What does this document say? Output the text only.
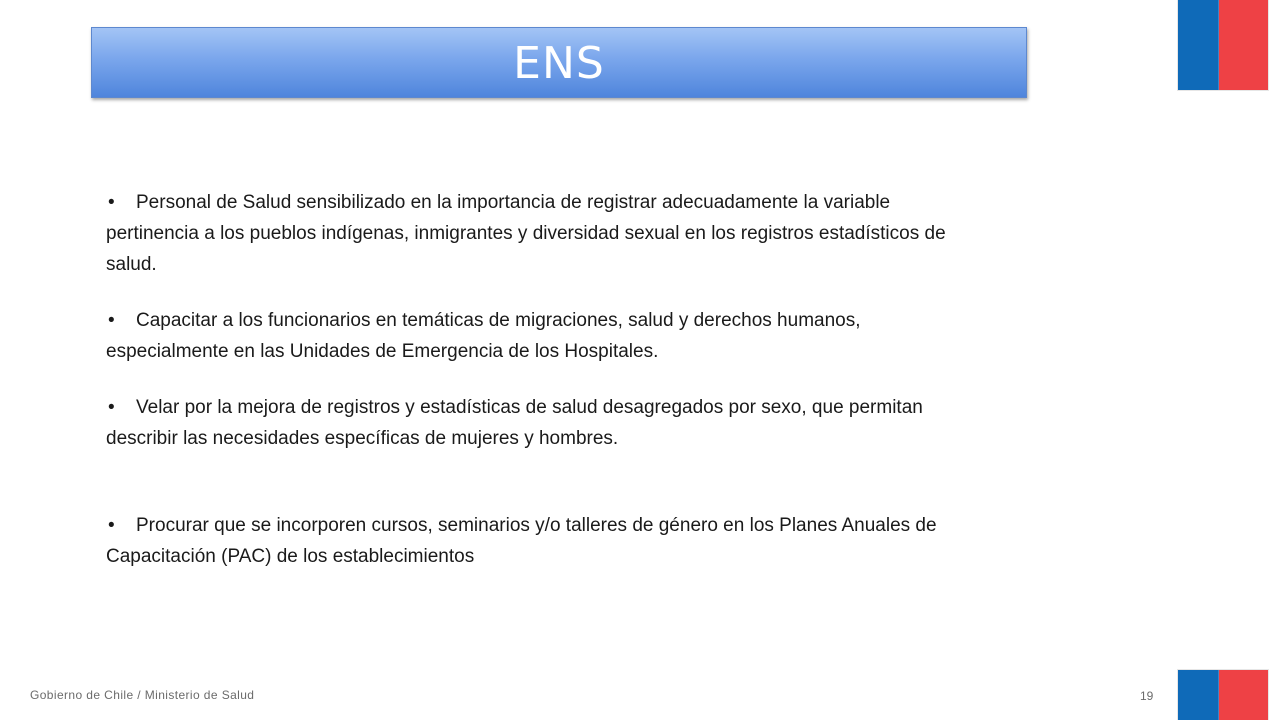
ENS

• Personal de Salud sensibilizado en la importancia de registrar adecuadamente la variable pertinencia a los pueblos indígenas, inmigrantes y diversidad sexual en los registros estadísticos de salud.

• Capacitar a los funcionarios en temáticas de migraciones, salud y derechos humanos, especialmente en las Unidades de Emergencia de los Hospitales.

• Velar por la mejora de registros y estadísticas de salud desagregados por sexo, que permitan describir las necesidades específicas de mujeres y hombres.

• Procurar que se incorporen cursos, seminarios y/o talleres de género en los Planes Anuales de Capacitación (PAC) de los establecimientos

Gobierno de Chile / Ministerio de Salud	19
